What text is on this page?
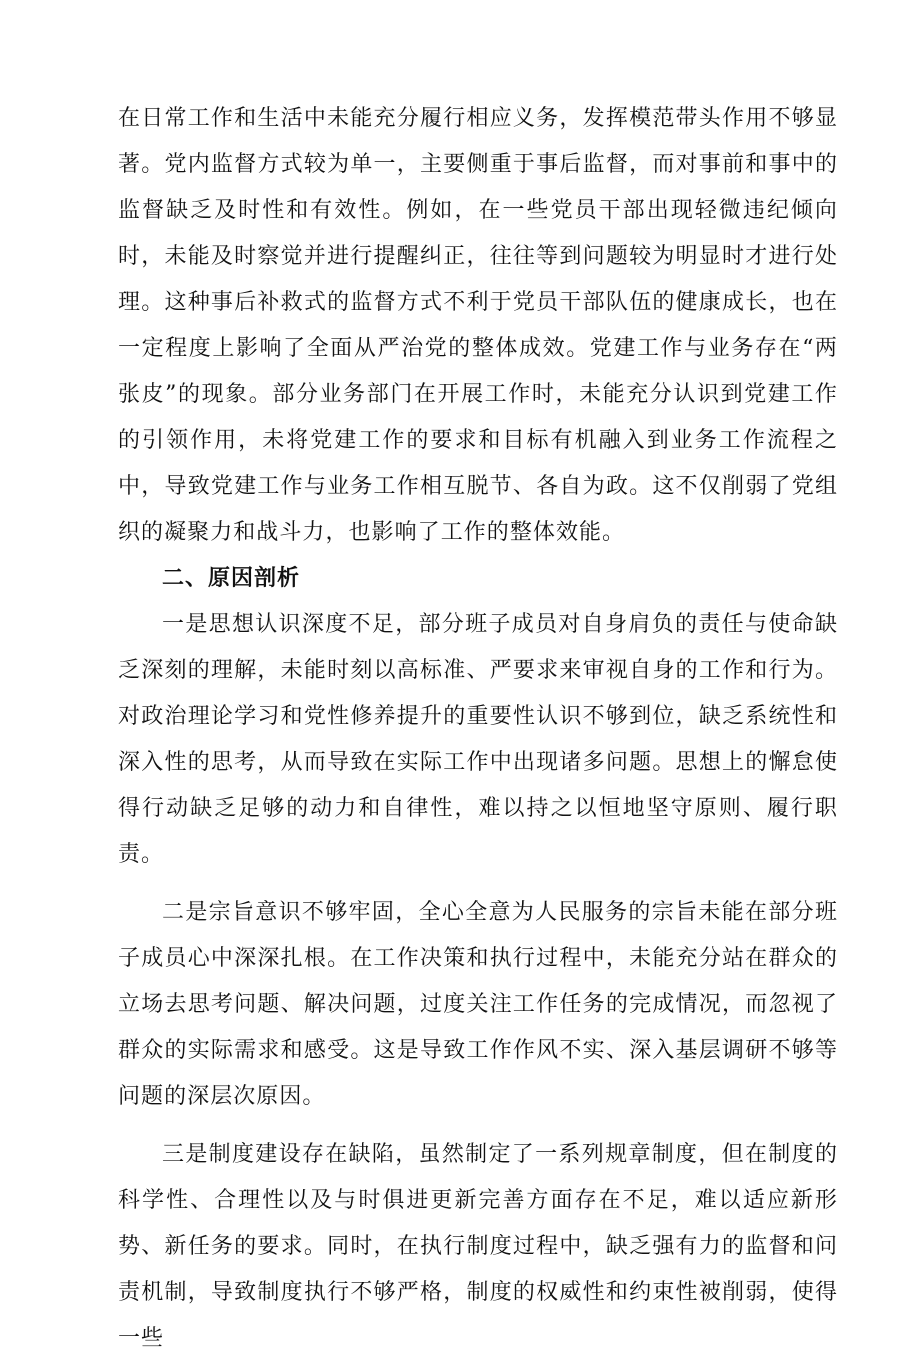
在日常工作和生活中未能充分履行相应义务，发挥模范带头作用不够显著。党内监督方式较为单一，主要侧重于事后监督，而对事前和事中的监督缺乏及时性和有效性。例如，在一些党员干部出现轻微违纪倾向时，未能及时察觉并进行提醒纠正，往往等到问题较为明显时才进行处理。这种事后补救式的监督方式不利于党员干部队伍的健康成长，也在一定程度上影响了全面从严治党的整体成效。党建工作与业务存在“两张皮”的现象。部分业务部门在开展工作时，未能充分认识到党建工作的引领作用，未将党建工作的要求和目标有机融入到业务工作流程之中，导致党建工作与业务工作相互脱节、各自为政。这不仅削弱了党组织的凝聚力和战斗力，也影响了工作的整体效能。

二、原因剖析

一是思想认识深度不足，部分班子成员对自身肩负的责任与使命缺乏深刻的理解，未能时刻以高标准、严要求来审视自身的工作和行为。对政治理论学习和党性修养提升的重要性认识不够到位，缺乏系统性和深入性的思考，从而导致在实际工作中出现诸多问题。思想上的懈怠使得行动缺乏足够的动力和自律性，难以持之以恒地坚守原则、履行职责。

二是宗旨意识不够牢固，全心全意为人民服务的宗旨未能在部分班子成员心中深深扎根。在工作决策和执行过程中，未能充分站在群众的立场去思考问题、解决问题，过度关注工作任务的完成情况，而忽视了群众的实际需求和感受。这是导致工作作风不实、深入基层调研不够等问题的深层次原因。

三是制度建设存在缺陷，虽然制定了一系列规章制度，但在制度的科学性、合理性以及与时俱进更新完善方面存在不足，难以适应新形势、新任务的要求。同时，在执行制度过程中，缺乏强有力的监督和问责机制，导致制度执行不够严格，制度的权威性和约束性被削弱，使得一些
